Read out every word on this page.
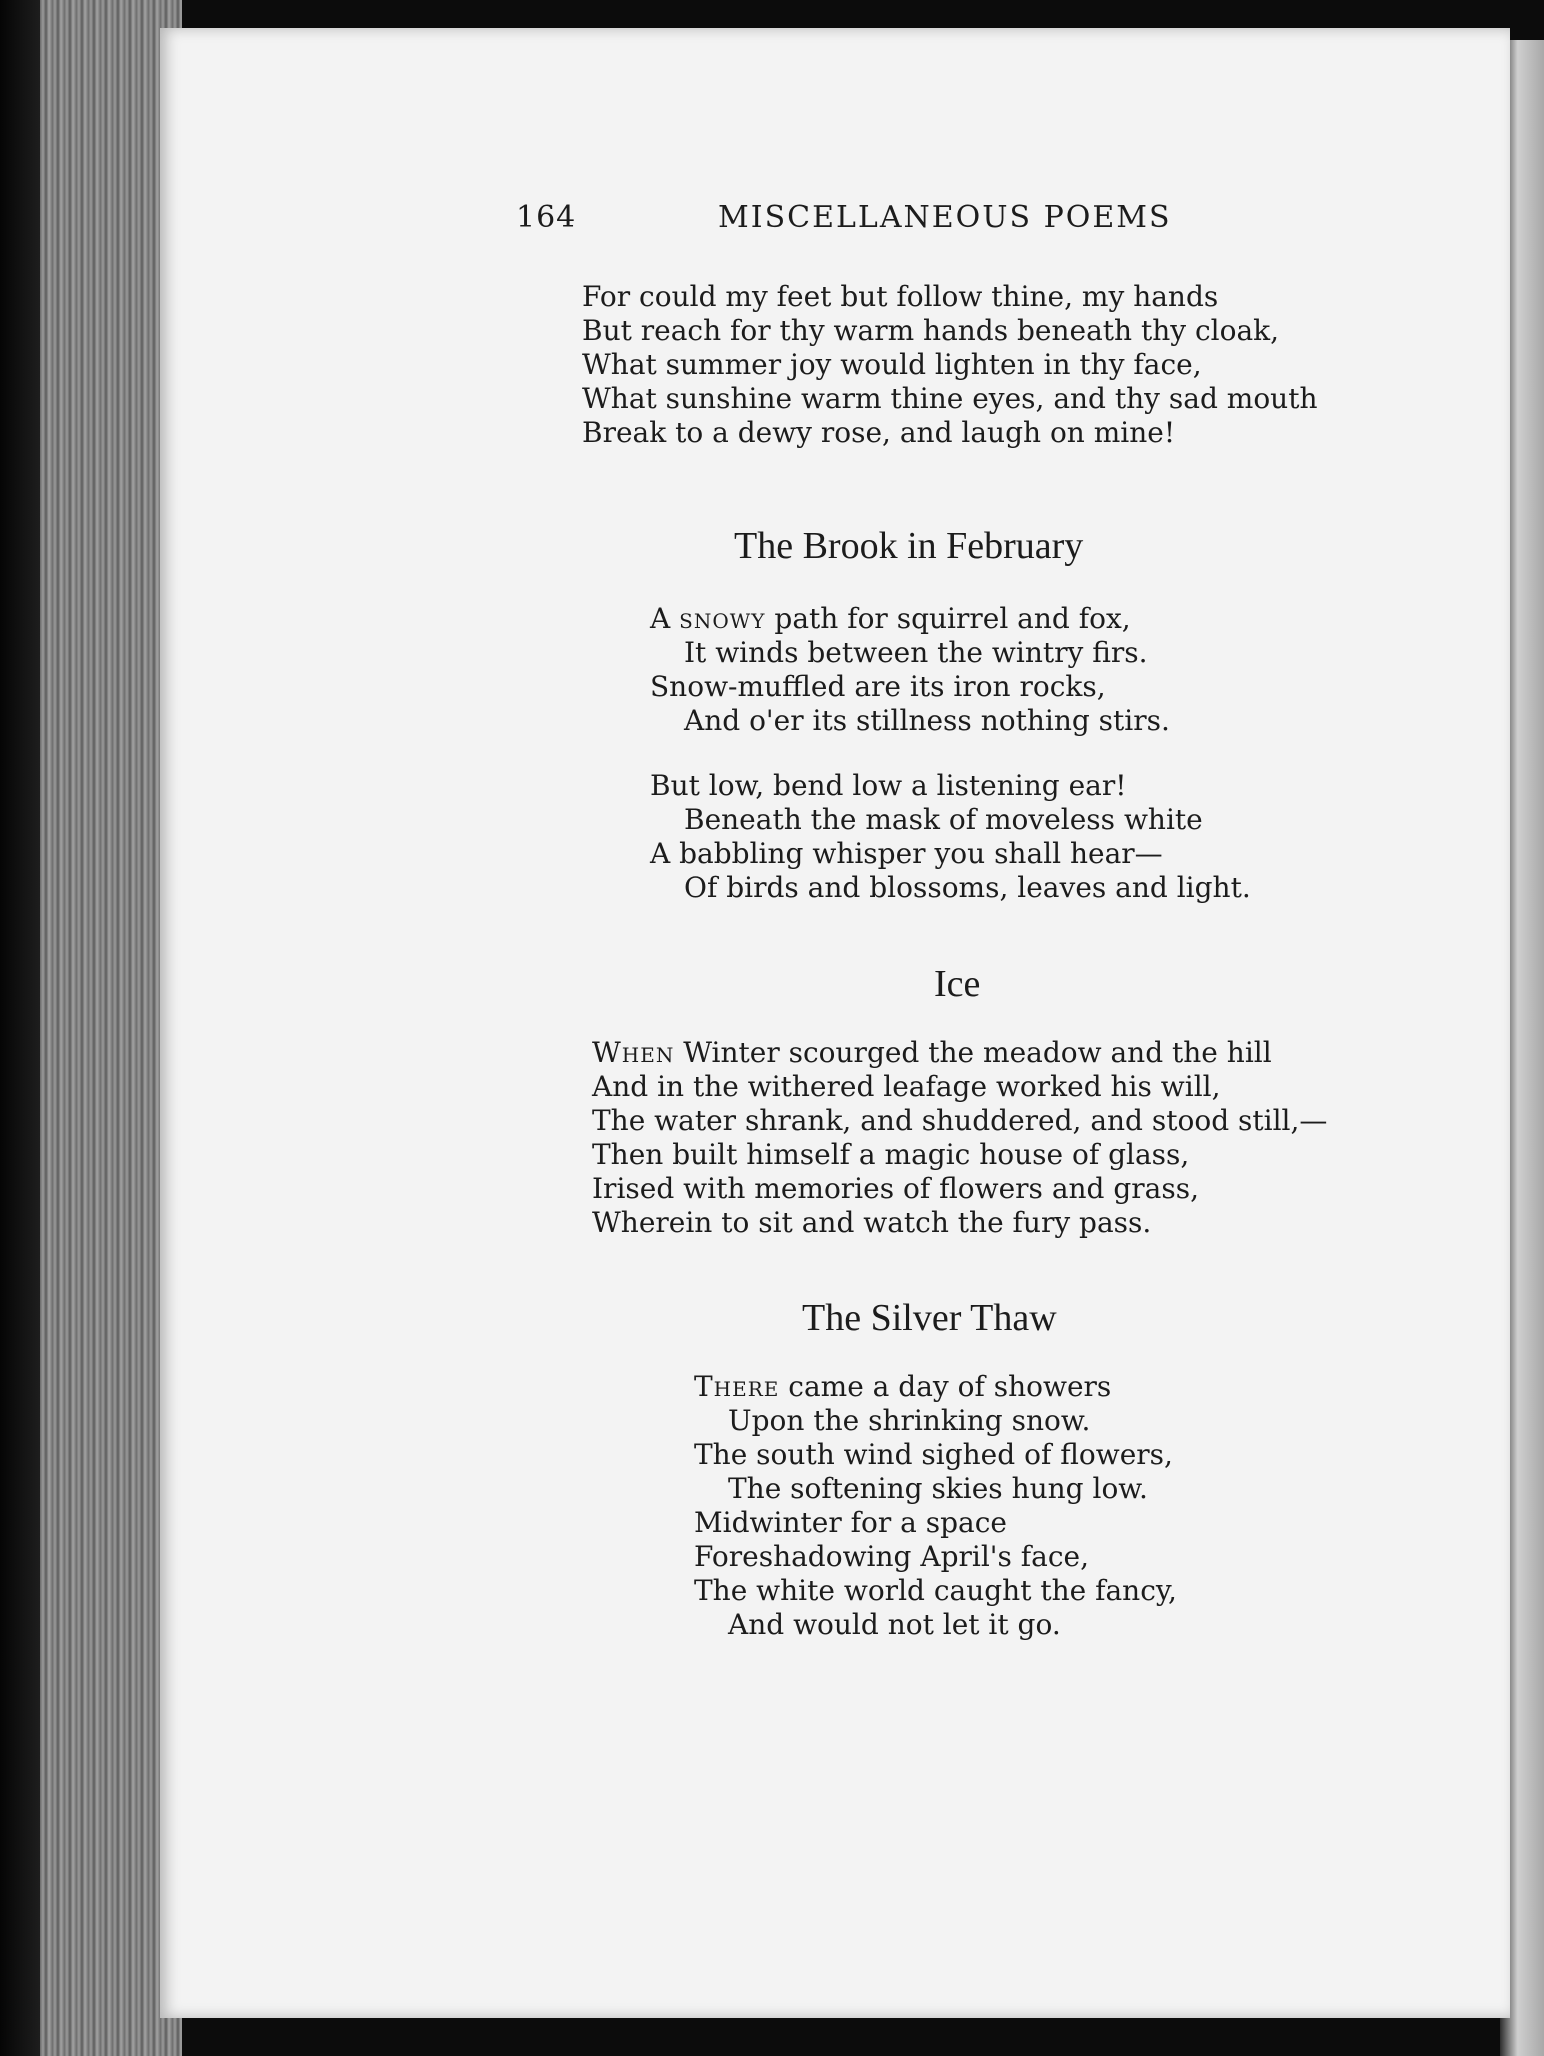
164	MISCELLANEOUS POEMS
For could my feet but follow thine, my hands
But reach for thy warm hands beneath thy cloak,
What summer joy would lighten in thy face,
What sunshine warm thine eyes, and thy sad mouth
Break to a dewy rose, and laugh on mine!
The Brook in February
A snowy path for squirrel and fox,
It winds between the wintry firs.
Snow-muffled are its iron rocks,
And o'er its stillness nothing stirs.
But low, bend low a listening ear!
Beneath the mask of moveless white
A babbling whisper you shall hear—
Of birds and blossoms, leaves and light.
Ice
When Winter scourged the meadow and the hill
And in the withered leafage worked his will,
The water shrank, and shuddered, and stood still,—
Then built himself a magic house of glass,
Irised with memories of flowers and grass,
Wherein to sit and watch the fury pass.
The Silver Thaw
There came a day of showers
Upon the shrinking snow.
The south wind sighed of flowers,
The softening skies hung low.
Midwinter for a space
Foreshadowing April's face,
The white world caught the fancy,
And would not let it go.
